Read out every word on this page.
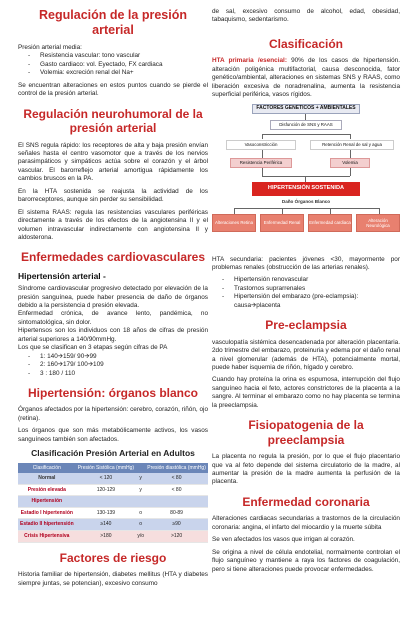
Regulación de la presión arterial
Presión arterial media:
- Resistencia vascular: tono vascular
- Gasto cardiaco: vol. Eyectado, FX cardiaca
- Volemia: excreción renal del Na+

Se encuentran alteraciones en estos puntos cuando se pierde el control de la presión arterial.

Regulación neurohumoral de la presión arterial

El SNS regula rápido: los receptores de alta y baja presión envían señales hasta el centro vasomotor que a través de los nervios parasimpáticos y simpáticos actúa sobre el corazón y el árbol vascular. El barorreflejo arterial amortigua rápidamente los cambios bruscos en la PA.

En la HTA sostenida se reajusta la actividad de los barorreceptores, aunque sin perder su sensibilidad.

El sistema RAAS: regula las resistencias vasculares periféricas directamente a través de los efectos de la angiotensina II y el volumen intravascular indirectamente con angiotensina II y aldosterona.

Enfermedades cardiovasculares
Hipertensión arterial -

Síndrome cardiovascular progresivo detectado por elevación de la presión sanguínea, puede haber presencia de daño de órganos debido a la persistencia d presión elevada.

Enfermedad crónica, de avance lento, pandémica, no sintomatológica, sin dolor.

Hipertensos son los individuos con 18 años de cifras de presión arterial superiores a 140/90mmHg.

Los que se clasifican en 3 etapas según cifras de PA

- 1: 140🡪159/ 90🡪99
- 2: 160🡪179/ 100🡪109
- 3 : 180 / 110
Hipertensión: órganos blanco

Órganos afectados por la hipertensión: cerebro, corazón, riñón, ojo (retina).

Los órganos que son más metabólicamente activos, los vasos sanguíneos también son afectados.

Clasificación Presión Arterial en Adultos
Clasificación	Presión Sistólica (mmHg)		Presión diastólica (mmHg)
Normal	< 120	y	< 80
Presión elevada	120-129	y	< 80
Hipertensión			
Estadio I hipertensión	130-139	o	80-89
Estadio II hipertensión	≥140	o	≥90
Crisis Hipertensiva	>180	y/o	>120
Factores de riesgo

Historia familiar de hipertensión, diabetes mellitus (HTA y diabetes siempre juntas, se potencian), excesivo consumo

de sal, excesivo consumo de alcohol, edad, obesidad, tabaquismo, sedentarismo.

Clasificación

HTA primaria /esencial: 90% de los casos de hipertensión. alteración poligénica multifactorial, causa desconocida, fator genético/ambiental, alteraciones en sistemas SNS y RAAS, como liberación excesiva de noradrenalina, aumenta la resistencia superficial periférica, vasos rígidos.

FACTORES GENETICOS + AMBIENTALES
Disfunción de SNS y RAAS
Vasoconstricción	Retención Renal de sal y agua
Resistencia Periférica	Volemia
HIPERTENSIÓN SOSTENIDA
Daño Órganos Blanco
Alteraciones Retina	Enfermedad Renal	Enfermedad cardiaca
Alteración Neurológica

HTA secundaria: pacientes jóvenes <30, mayormente por problemas renales (obstrucción de las arterias renales).

- Hipertensión renovascular
- Trastornos suprarrenales
- Hipertensión del embarazo (pre-eclampsia): causa🡪placenta
Pre-eclampsia

vasculopatía sistémica desencadenada por alteración placentaria. 2do trimestre del embarazo, proteinuria y edema por el daño renal a nivel glomerular (además de HTA), potencialmente mortal, puede haber isquemia de riñón, hígado y cerebro.

Cuando hay proteína la orina es espumosa, interrupción del flujo sanguíneo hacia el feto, actores constrictores de la placenta a la sangre. Al terminar el embarazo como no hay placenta se termina la preeclampsia.

Fisiopatogenia de la preeclampsia

La placenta no regula la presión, por lo que el flujo placentario que va al feto depende del sistema circulatorio de la madre, al aumentar la presión de la madre aumenta la perfusión de la placenta.

Enfermedad coronaria

Alteraciones cardiacas secundarias a trastornos de la circulación coronaria: angina, el infarto del miocardio y la muerte súbita

Se ven afectados los vasos que irrigan al corazón.

Se origina a nivel de célula endotelial, normalmente controlan el flujo sanguíneo y mantiene a raya los factores de coagulación, pero si tiene alteraciones puede provocar enfermedades.
